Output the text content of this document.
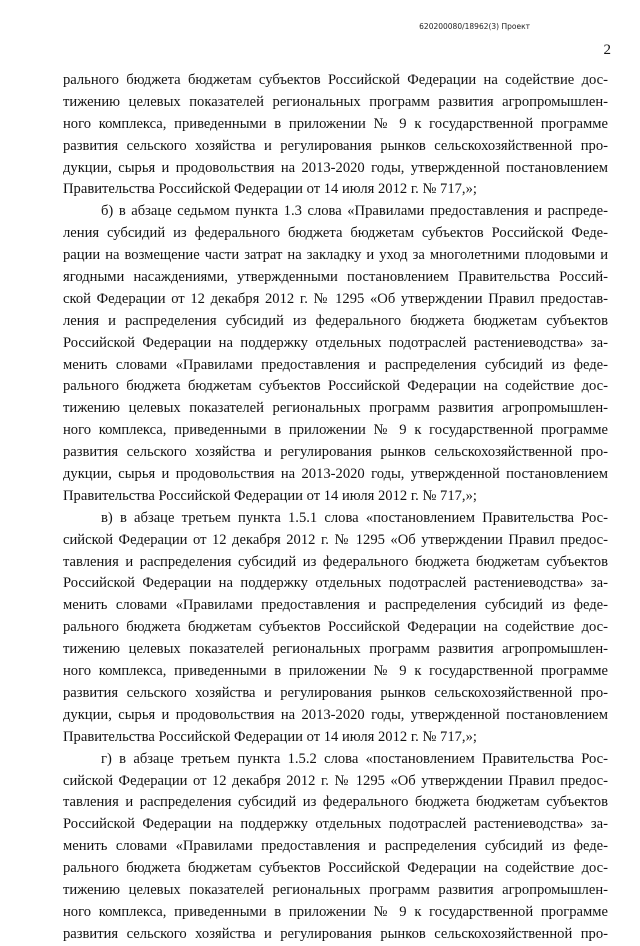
620200080/18962(3) Проект
2
рального бюджета бюджетам субъектов Российской Федерации на содействие дос-
тижению целевых показателей региональных программ развития агропромышлен-
ного комплекса, приведенными в приложении № 9 к государственной программе
развития сельского хозяйства и регулирования рынков сельскохозяйственной про-
дукции, сырья и продовольствия на 2013-2020 годы, утвержденной постановлением
Правительства Российской Федерации от 14 июля 2012 г. № 717,»;
б) в абзаце седьмом пункта 1.3 слова «Правилами предоставления и распреде-
ления субсидий из федерального бюджета бюджетам субъектов Российской Феде-
рации на возмещение части затрат на закладку и уход за многолетними плодовыми и
ягодными насаждениями, утвержденными постановлением Правительства Россий-
ской Федерации от 12 декабря 2012 г. № 1295 «Об утверждении Правил предостав-
ления и распределения субсидий из федерального бюджета бюджетам субъектов
Российской Федерации на поддержку отдельных подотраслей растениеводства» за-
менить словами «Правилами предоставления и распределения субсидий из феде-
рального бюджета бюджетам субъектов Российской Федерации на содействие дос-
тижению целевых показателей региональных программ развития агропромышлен-
ного комплекса, приведенными в приложении № 9 к государственной программе
развития сельского хозяйства и регулирования рынков сельскохозяйственной про-
дукции, сырья и продовольствия на 2013-2020 годы, утвержденной постановлением
Правительства Российской Федерации от 14 июля 2012 г. № 717,»;
в) в абзаце третьем пункта 1.5.1 слова «постановлением Правительства Рос-
сийской Федерации от 12 декабря 2012 г. № 1295 «Об утверждении Правил предос-
тавления и распределения субсидий из федерального бюджета бюджетам субъектов
Российской Федерации на поддержку отдельных подотраслей растениеводства» за-
менить словами «Правилами предоставления и распределения субсидий из феде-
рального бюджета бюджетам субъектов Российской Федерации на содействие дос-
тижению целевых показателей региональных программ развития агропромышлен-
ного комплекса, приведенными в приложении № 9 к государственной программе
развития сельского хозяйства и регулирования рынков сельскохозяйственной про-
дукции, сырья и продовольствия на 2013-2020 годы, утвержденной постановлением
Правительства Российской Федерации от 14 июля 2012 г. № 717,»;
г) в абзаце третьем пункта 1.5.2 слова «постановлением Правительства Рос-
сийской Федерации от 12 декабря 2012 г. № 1295 «Об утверждении Правил предос-
тавления и распределения субсидий из федерального бюджета бюджетам субъектов
Российской Федерации на поддержку отдельных подотраслей растениеводства» за-
менить словами «Правилами предоставления и распределения субсидий из феде-
рального бюджета бюджетам субъектов Российской Федерации на содействие дос-
тижению целевых показателей региональных программ развития агропромышлен-
ного комплекса, приведенными в приложении № 9 к государственной программе
развития сельского хозяйства и регулирования рынков сельскохозяйственной про-
